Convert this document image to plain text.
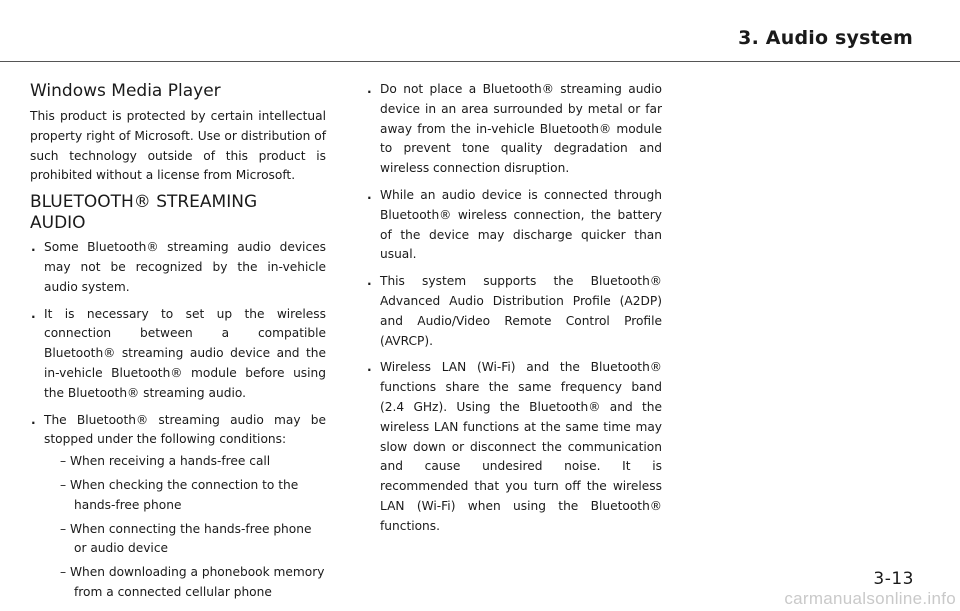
3. Audio system
Windows Media Player

This product is protected by certain intellectual property right of Microsoft. Use or distribution of such technology outside of this product is prohibited without a license from Microsoft.

BLUETOOTH® STREAMING
AUDIO
. Some Bluetooth® streaming audio devices may not be recognized by the in-vehicle audio system.
. It is necessary to set up the wireless connection between a compatible Bluetooth® streaming audio device and the in-vehicle Bluetooth® module before using the Bluetooth® streaming audio.
. The Bluetooth® streaming audio may be stopped under the following conditions:
– When receiving a hands-free call
– When checking the connection to the hands-free phone
– When connecting the hands-free phone or audio device
– When downloading a phonebook memory from a connected cellular phone
. Do not place a Bluetooth® streaming audio device in an area surrounded by metal or far away from the in-vehicle Bluetooth® module to prevent tone quality degradation and wireless connection disruption.
. While an audio device is connected through Bluetooth® wireless connection, the battery of the device may discharge quicker than usual.
. This system supports the Bluetooth® Advanced Audio Distribution Profile (A2DP) and Audio/Video Remote Control Profile (AVRCP).
. Wireless LAN (Wi-Fi) and the Bluetooth® functions share the same frequency band (2.4 GHz). Using the Bluetooth® and the wireless LAN functions at the same time may slow down or disconnect the communication and cause undesired noise. It is recommended that you turn off the wireless LAN (Wi-Fi) when using the Bluetooth® functions.
3-13
carmanualsonline.info
